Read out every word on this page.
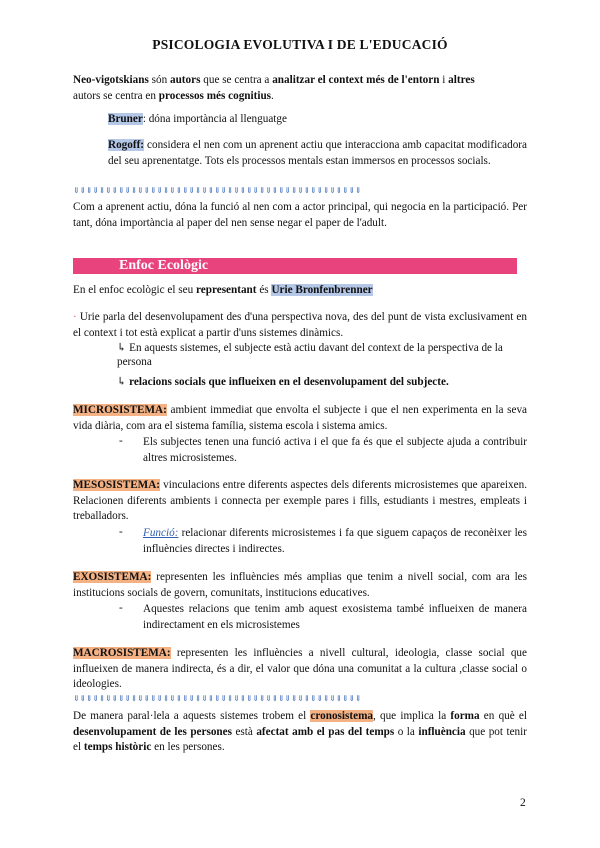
PSICOLOGIA EVOLUTIVA I DE L'EDUCACIÓ
Neo-vigotskians són autors que se centra a analitzar el context més de l'entorn i altres
autors se centra en processos més cognitius.
Bruner: dóna importància al llenguatge
Rogoff: considera el nen com un aprenent actiu que interacciona amb capacitat modificadora del seu aprenentatge. Tots els processos mentals estan immersos en processos socials.
⇓⇓⇓⇓⇓⇓⇓⇓⇓⇓⇓⇓⇓⇓⇓⇓⇓⇓⇓⇓⇓⇓⇓⇓⇓⇓⇓⇓⇓⇓⇓⇓⇓⇓⇓⇓⇓⇓⇓⇓⇓⇓⇓⇓⇓
Com a aprenent actiu, dóna la funció al nen com a actor principal, qui negocia en la participació. Per tant, dóna importància al paper del nen sense negar el paper de l'adult.
Enfoc Ecològic
En el enfoc ecològic el seu representant és Urie Bronfenbrenner
· Urie parla del desenvolupament des d'una perspectiva nova, des del punt de vista exclusivament en el context i tot està explicat a partir d'uns sistemes dinàmics.
↳ En aquests sistemes, el subjecte està actiu davant del context de la perspectiva de la persona
↳ relacions socials que influeixen en el desenvolupament del subjecte.
MICROSISTEMA: ambient immediat que envolta el subjecte i que el nen experimenta en la seva vida diària, com ara el sistema família, sistema escola i sistema amics.
- Els subjectes tenen una funció activa i el que fa és que el subjecte ajuda a contribuir altres microsistemes.
MESOSISTEMA: vinculacions entre diferents aspectes dels diferents microsistemes que apareixen. Relacionen diferents ambients i connecta per exemple pares i fills, estudiants i mestres, empleats i treballadors.
- Funció: relacionar diferents microsistemes i fa que siguem capaços de reconèixer les influències directes i indirectes.
EXOSISTEMA: representen les influències més amplias que tenim a nivell social, com ara les institucions socials de govern, comunitats, institucions educatives.
- Aquestes relacions que tenim amb aquest exosistema també influeixen de manera indirectament en els microsistemes
MACROSISTEMA: representen les influències a nivell cultural, ideologia, classe social que influeixen de manera indirecta, és a dir, el valor que dóna una comunitat a la cultura ,classe social o ideologies.
⇓⇓⇓⇓⇓⇓⇓⇓⇓⇓⇓⇓⇓⇓⇓⇓⇓⇓⇓⇓⇓⇓⇓⇓⇓⇓⇓⇓⇓⇓⇓⇓⇓⇓⇓⇓⇓⇓⇓⇓⇓⇓⇓⇓⇓
De manera paral·lela a aquests sistemes trobem el cronosistema, que implica la forma en què el desenvolupament de les persones està afectat amb el pas del temps o la influència que pot tenir el temps històric en les persones.
2
